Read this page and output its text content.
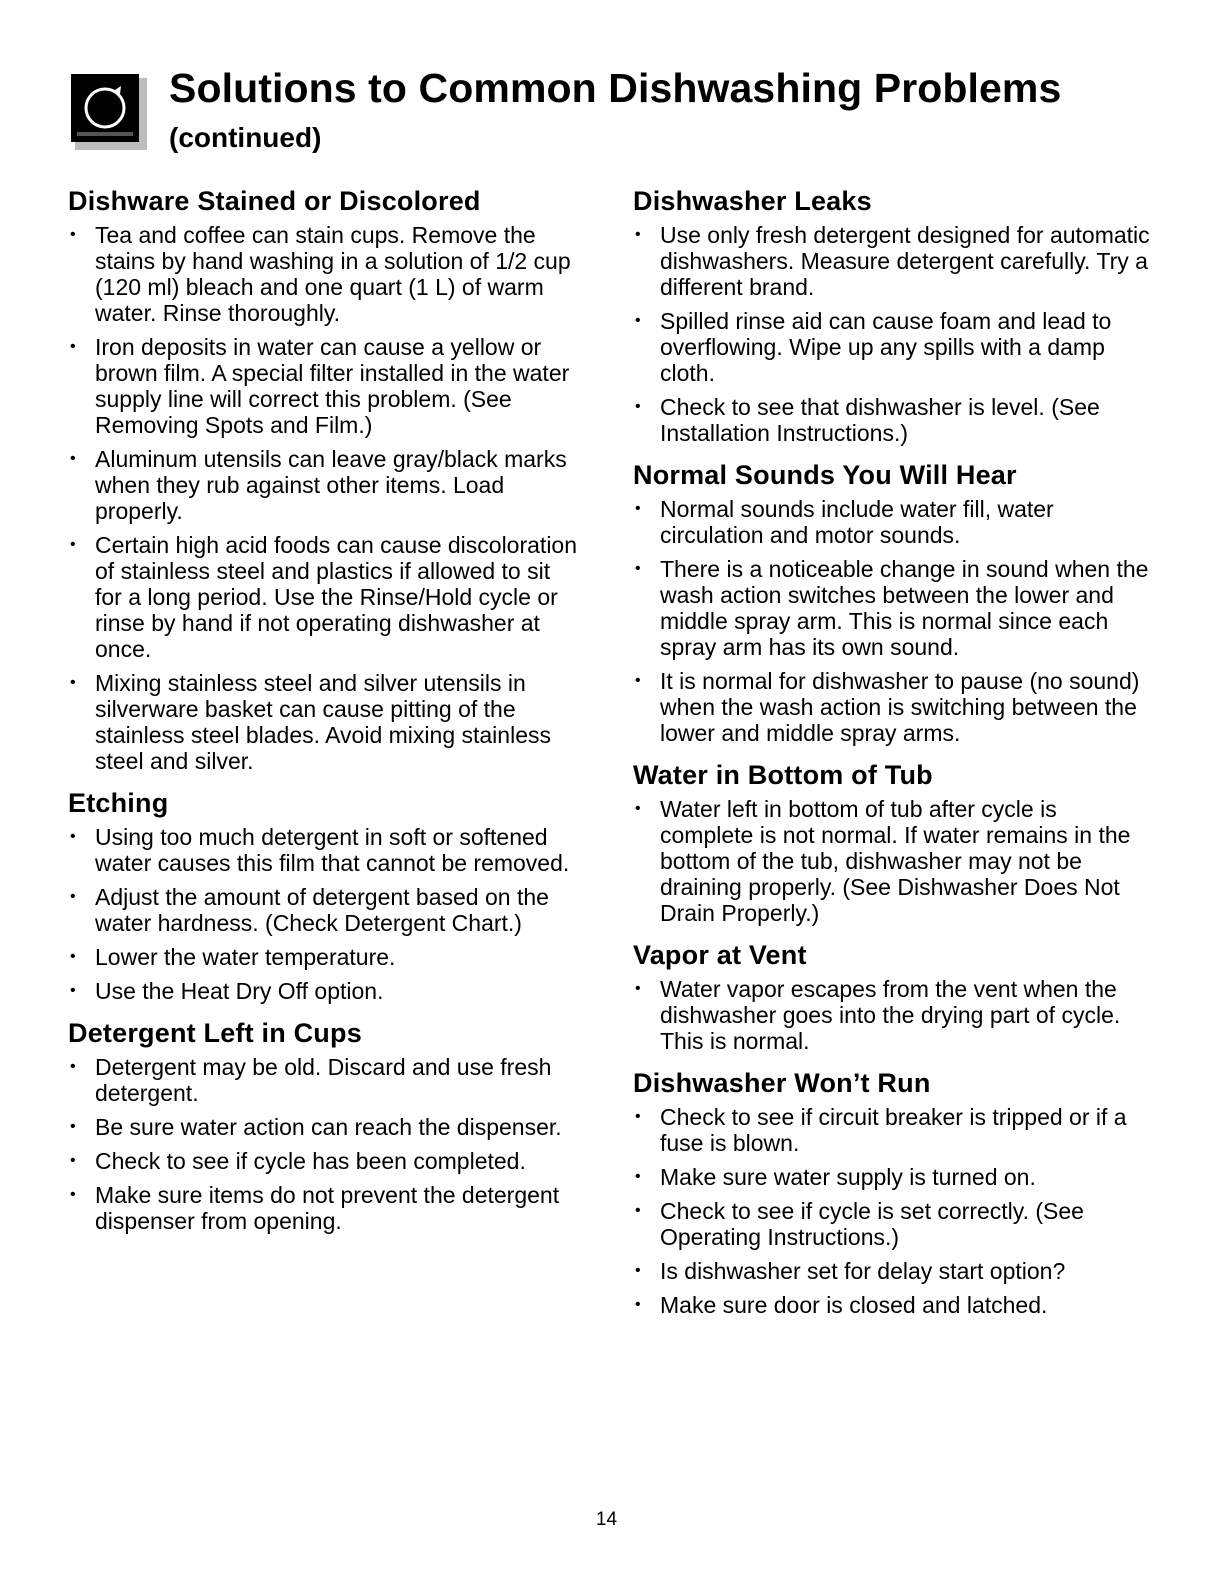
Solutions to Common Dishwashing Problems
(continued)
Dishware Stained or Discolored
• Tea and coffee can stain cups. Remove the stains by hand washing in a solution of 1/2 cup (120 ml) bleach and one quart (1 L) of warm water. Rinse thoroughly.
• Iron deposits in water can cause a yellow or brown film. A special filter installed in the water supply line will correct this problem. (See Removing Spots and Film.)
• Aluminum utensils can leave gray/black marks when they rub against other items. Load properly.
• Certain high acid foods can cause discoloration of stainless steel and plastics if allowed to sit for a long period. Use the Rinse/Hold cycle or rinse by hand if not operating dishwasher at once.
• Mixing stainless steel and silver utensils in silverware basket can cause pitting of the stainless steel blades. Avoid mixing stainless steel and silver.
Etching
• Using too much detergent in soft or softened water causes this film that cannot be removed.
• Adjust the amount of detergent based on the water hardness. (Check Detergent Chart.)
• Lower the water temperature.
• Use the Heat Dry Off option.
Detergent Left in Cups
• Detergent may be old. Discard and use fresh detergent.
• Be sure water action can reach the dispenser.
• Check to see if cycle has been completed.
• Make sure items do not prevent the detergent dispenser from opening.
Dishwasher Leaks
• Use only fresh detergent designed for automatic dishwashers. Measure detergent carefully. Try a different brand.
• Spilled rinse aid can cause foam and lead to overflowing. Wipe up any spills with a damp cloth.
• Check to see that dishwasher is level. (See Installation Instructions.)
Normal Sounds You Will Hear
• Normal sounds include water fill, water circulation and motor sounds.
• There is a noticeable change in sound when the wash action switches between the lower and middle spray arm. This is normal since each spray arm has its own sound.
• It is normal for dishwasher to pause (no sound) when the wash action is switching between the lower and middle spray arms.
Water in Bottom of Tub
• Water left in bottom of tub after cycle is complete is not normal. If water remains in the bottom of the tub, dishwasher may not be draining properly. (See Dishwasher Does Not Drain Properly.)
Vapor at Vent
• Water vapor escapes from the vent when the dishwasher goes into the drying part of cycle. This is normal.
Dishwasher Won’t Run
• Check to see if circuit breaker is tripped or if a fuse is blown.
• Make sure water supply is turned on.
• Check to see if cycle is set correctly. (See Operating Instructions.)
• Is dishwasher set for delay start option?
• Make sure door is closed and latched.
14
